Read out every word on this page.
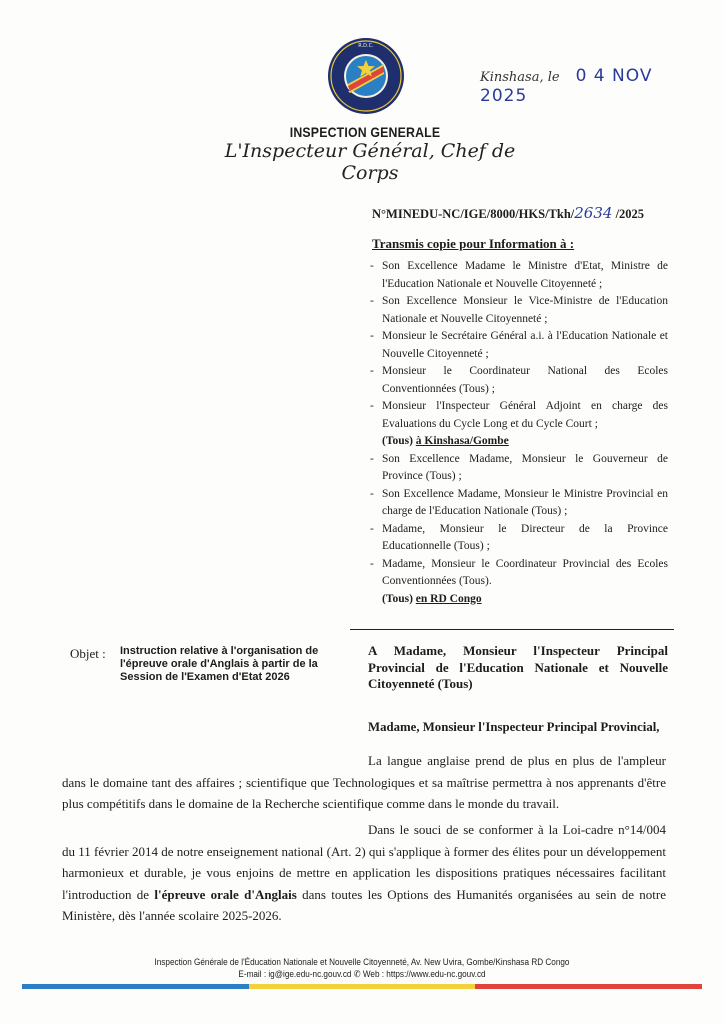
R.D.C.
Kinshasa, le 0 4 NOV 2025
INSPECTION GENERALE
L'Inspecteur Général, Chef de Corps
N°MINEDU-NC/IGE/8000/HKS/Tkh/2634 /2025
Transmis copie pour Information à :
- Son Excellence Madame le Ministre d'Etat, Ministre de l'Education Nationale et Nouvelle Citoyenneté ;
- Son Excellence Monsieur le Vice-Ministre de l'Education Nationale et Nouvelle Citoyenneté ;
- Monsieur le Secrétaire Général a.i. à l'Education Nationale et Nouvelle Citoyenneté ;
- Monsieur le Coordinateur National des Ecoles Conventionnées (Tous) ;
- Monsieur l'Inspecteur Général Adjoint en charge des Evaluations du Cycle Long et du Cycle Court ;
(Tous) à Kinshasa/Gombe
- Son Excellence Madame, Monsieur le Gouverneur de Province (Tous) ;
- Son Excellence Madame, Monsieur le Ministre Provincial en charge de l'Education Nationale (Tous) ;
- Madame, Monsieur le Directeur de la Province Educationnelle (Tous) ;
- Madame, Monsieur le Coordinateur Provincial des Ecoles Conventionnées (Tous).
(Tous) en RD Congo
Objet : Instruction relative à l'organisation de l'épreuve orale d'Anglais à partir de la Session de l'Examen d'Etat 2026
A Madame, Monsieur l'Inspecteur Principal Provincial de l'Education Nationale et Nouvelle Citoyenneté (Tous)
Madame, Monsieur l'Inspecteur Principal Provincial,
La langue anglaise prend de plus en plus de l'ampleur dans le domaine tant des affaires ; scientifique que Technologiques et sa maîtrise permettra à nos apprenants d'être plus compétitifs dans le domaine de la Recherche scientifique comme dans le monde du travail.
Dans le souci de se conformer à la Loi-cadre n°14/004 du 11 février 2014 de notre enseignement national (Art. 2) qui s'applique à former des élites pour un développement harmonieux et durable, je vous enjoins de mettre en application les dispositions pratiques nécessaires facilitant l'introduction de l'épreuve orale d'Anglais dans toutes les Options des Humanités organisées au sein de notre Ministère, dès l'année scolaire 2025-2026.
Inspection Générale de l'Éducation Nationale et Nouvelle Citoyenneté, Av. New Uvira, Gombe/Kinshasa RD Congo
E-mail : ig@ige.edu-nc.gouv.cd ✆ Web : https://www.edu-nc.gouv.cd
